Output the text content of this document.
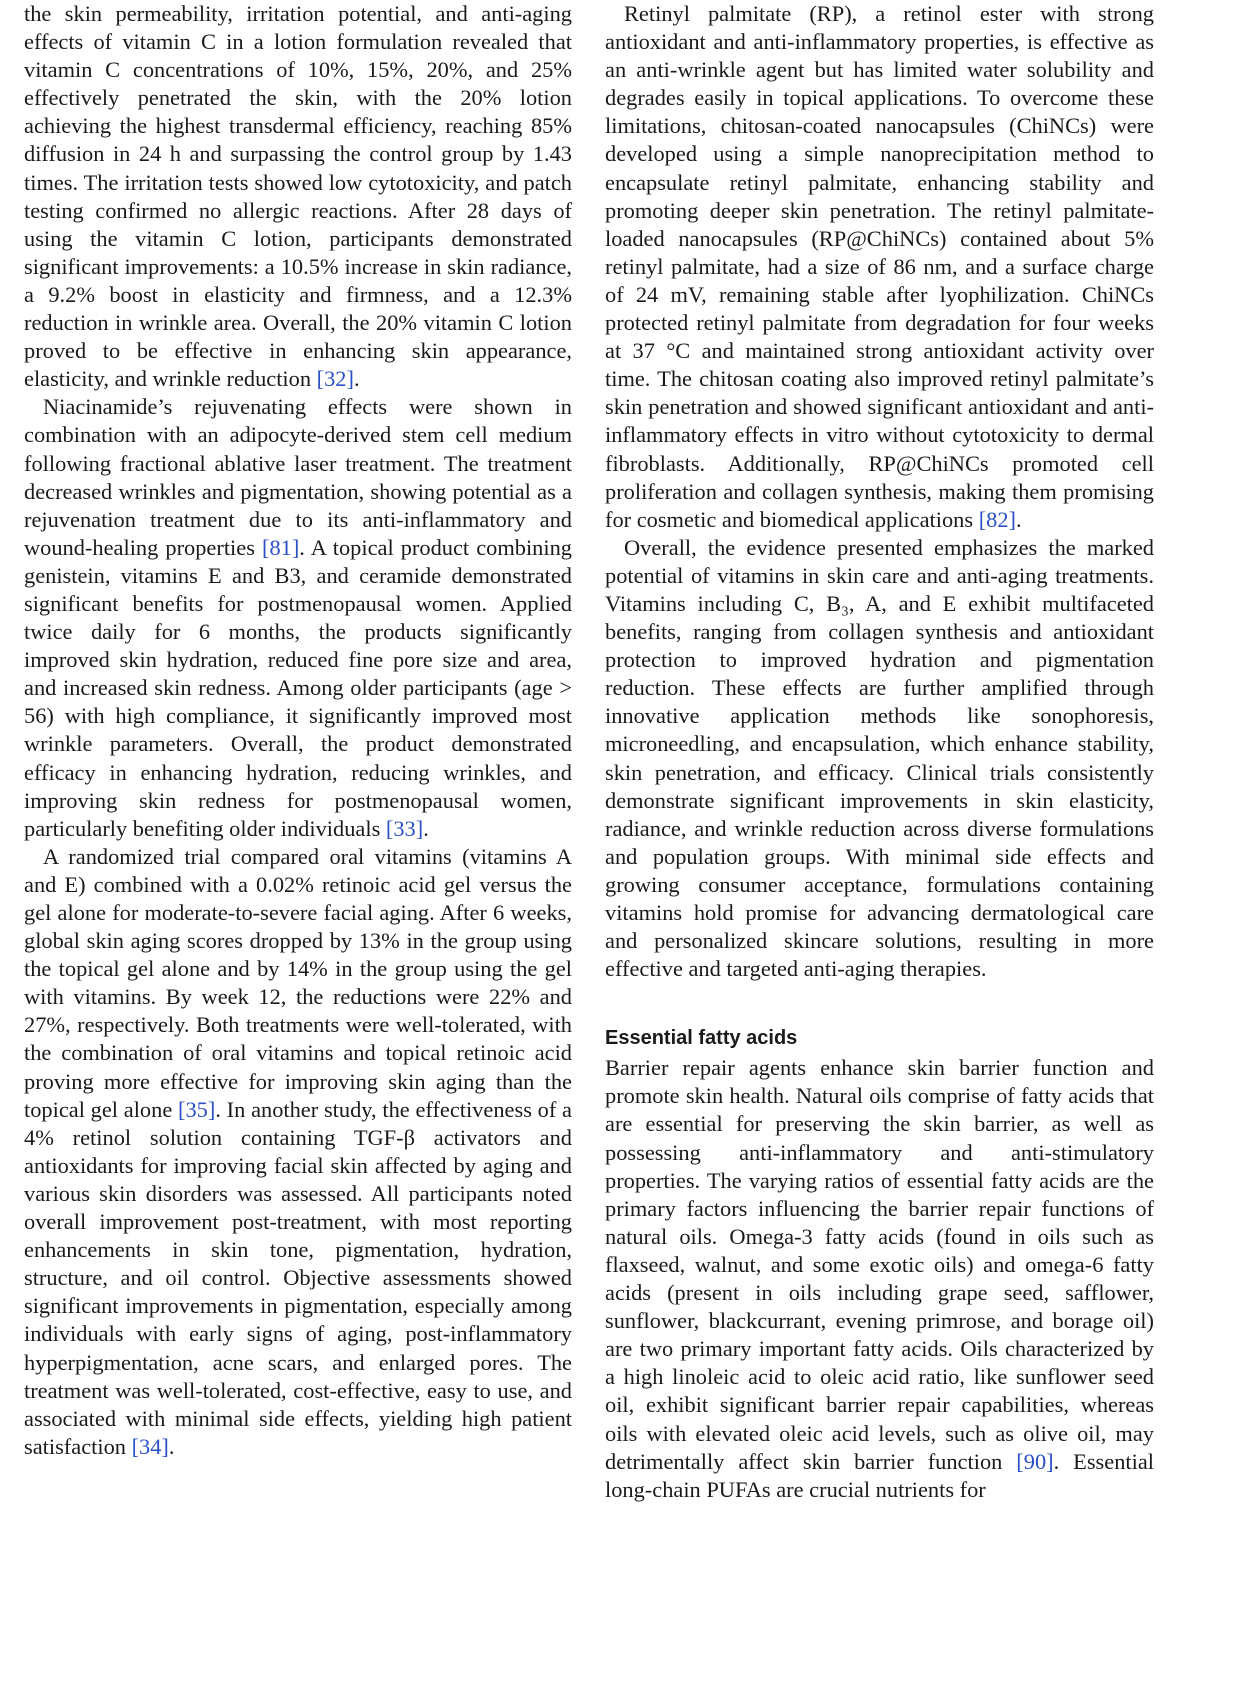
the skin permeability, irritation potential, and anti-aging effects of vitamin C in a lotion formulation revealed that vitamin C concentrations of 10%, 15%, 20%, and 25% effectively penetrated the skin, with the 20% lotion achieving the highest transdermal efficiency, reaching 85% diffusion in 24 h and surpassing the control group by 1.43 times. The irritation tests showed low cytotoxicity, and patch testing confirmed no allergic reactions. After 28 days of using the vitamin C lotion, participants demonstrated significant improvements: a 10.5% increase in skin radiance, a 9.2% boost in elasticity and firmness, and a 12.3% reduction in wrinkle area. Overall, the 20% vitamin C lotion proved to be effective in enhancing skin appearance, elasticity, and wrinkle reduction [32].

Niacinamide’s rejuvenating effects were shown in combination with an adipocyte-derived stem cell medium following fractional ablative laser treatment. The treatment decreased wrinkles and pigmentation, showing potential as a rejuvenation treatment due to its anti-inflammatory and wound-healing properties [81]. A topical product combining genistein, vitamins E and B3, and ceramide demonstrated significant benefits for postmenopausal women. Applied twice daily for 6 months, the products significantly improved skin hydration, reduced fine pore size and area, and increased skin redness. Among older participants (age > 56) with high compliance, it significantly improved most wrinkle parameters. Overall, the product demonstrated efficacy in enhancing hydration, reducing wrinkles, and improving skin redness for postmenopausal women, particularly benefiting older individuals [33].

A randomized trial compared oral vitamins (vitamins A and E) combined with a 0.02% retinoic acid gel versus the gel alone for moderate-to-severe facial aging. After 6 weeks, global skin aging scores dropped by 13% in the group using the topical gel alone and by 14% in the group using the gel with vitamins. By week 12, the reductions were 22% and 27%, respectively. Both treatments were well-tolerated, with the combination of oral vitamins and topical retinoic acid proving more effective for improving skin aging than the topical gel alone [35]. In another study, the effectiveness of a 4% retinol solution containing TGF-β activators and antioxidants for improving facial skin affected by aging and various skin disorders was assessed. All participants noted overall improvement post-treatment, with most reporting enhancements in skin tone, pigmentation, hydration, structure, and oil control. Objective assessments showed significant improvements in pigmentation, especially among individuals with early signs of aging, post-inflammatory hyperpigmentation, acne scars, and enlarged pores. The treatment was well-tolerated, cost-effective, easy to use, and associated with minimal side effects, yielding high patient satisfaction [34].

Retinyl palmitate (RP), a retinol ester with strong antioxidant and anti-inflammatory properties, is effective as an anti-wrinkle agent but has limited water solubility and degrades easily in topical applications. To overcome these limitations, chitosan-coated nanocapsules (ChiNCs) were developed using a simple nanoprecipitation method to encapsulate retinyl palmitate, enhancing stability and promoting deeper skin penetration. The retinyl palmitate-loaded nanocapsules (RP@ChiNCs) contained about 5% retinyl palmitate, had a size of 86 nm, and a surface charge of 24 mV, remaining stable after lyophilization. ChiNCs protected retinyl palmitate from degradation for four weeks at 37 °C and maintained strong antioxidant activity over time. The chitosan coating also improved retinyl palmitate’s skin penetration and showed significant antioxidant and anti-inflammatory effects in vitro without cytotoxicity to dermal fibroblasts. Additionally, RP@ChiNCs promoted cell proliferation and collagen synthesis, making them promising for cosmetic and biomedical applications [82].

Overall, the evidence presented emphasizes the marked potential of vitamins in skin care and anti-aging treatments. Vitamins including C, B₃, A, and E exhibit multifaceted benefits, ranging from collagen synthesis and antioxidant protection to improved hydration and pigmentation reduction. These effects are further amplified through innovative application methods like sonophoresis, microneedling, and encapsulation, which enhance stability, skin penetration, and efficacy. Clinical trials consistently demonstrate significant improvements in skin elasticity, radiance, and wrinkle reduction across diverse formulations and population groups. With minimal side effects and growing consumer acceptance, formulations containing vitamins hold promise for advancing dermatological care and personalized skincare solutions, resulting in more effective and targeted anti-aging therapies.

Essential fatty acids

Barrier repair agents enhance skin barrier function and promote skin health. Natural oils comprise of fatty acids that are essential for preserving the skin barrier, as well as possessing anti-inflammatory and anti-stimulatory properties. The varying ratios of essential fatty acids are the primary factors influencing the barrier repair functions of natural oils. Omega-3 fatty acids (found in oils such as flaxseed, walnut, and some exotic oils) and omega-6 fatty acids (present in oils including grape seed, safflower, sunflower, blackcurrant, evening primrose, and borage oil) are two primary important fatty acids. Oils characterized by a high linoleic acid to oleic acid ratio, like sunflower seed oil, exhibit significant barrier repair capabilities, whereas oils with elevated oleic acid levels, such as olive oil, may detrimentally affect skin barrier function [90]. Essential long-chain PUFAs are crucial nutrients for
